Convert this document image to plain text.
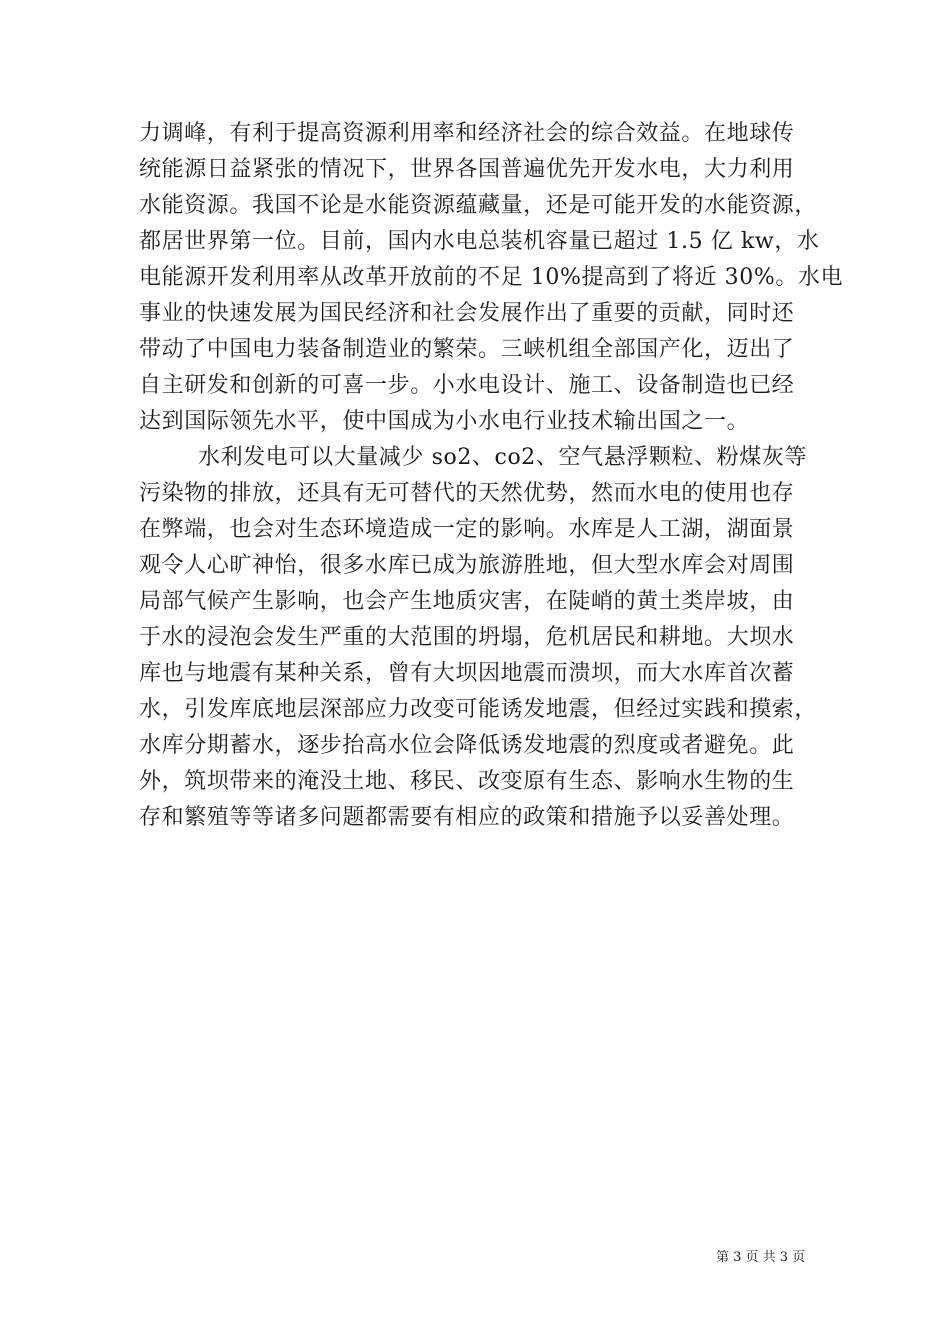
力调峰，有利于提高资源利用率和经济社会的综合效益。在地球传
统能源日益紧张的情况下，世界各国普遍优先开发水电，大力利用
水能资源。我国不论是水能资源蕴藏量，还是可能开发的水能资源，
都居世界第一位。目前，国内水电总装机容量已超过 1.5 亿 kw，水
电能源开发利用率从改革开放前的不足 10%提高到了将近 30%。水电
事业的快速发展为国民经济和社会发展作出了重要的贡献，同时还
带动了中国电力装备制造业的繁荣。三峡机组全部国产化，迈出了
自主研发和创新的可喜一步。小水电设计、施工、设备制造也已经
达到国际领先水平，使中国成为小水电行业技术输出国之一。
水利发电可以大量减少 so2、co2、空气悬浮颗粒、粉煤灰等
污染物的排放，还具有无可替代的天然优势，然而水电的使用也存
在弊端，也会对生态环境造成一定的影响。水库是人工湖，湖面景
观令人心旷神怡，很多水库已成为旅游胜地，但大型水库会对周围
局部气候产生影响，也会产生地质灾害，在陡峭的黄土类岸坡，由
于水的浸泡会发生严重的大范围的坍塌，危机居民和耕地。大坝水
库也与地震有某种关系，曾有大坝因地震而溃坝，而大水库首次蓄
水，引发库底地层深部应力改变可能诱发地震，但经过实践和摸索，
水库分期蓄水，逐步抬高水位会降低诱发地震的烈度或者避免。此
外，筑坝带来的淹没土地、移民、改变原有生态、影响水生物的生
存和繁殖等等诸多问题都需要有相应的政策和措施予以妥善处理。
第 3 页 共 3 页
